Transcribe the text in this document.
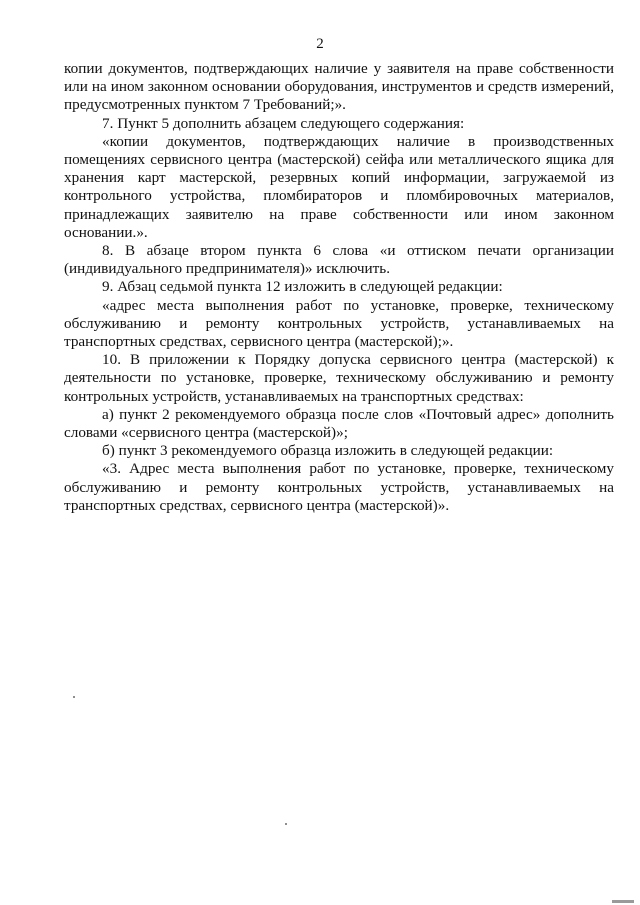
2

копии документов, подтверждающих наличие у заявителя на праве собственности или на ином законном основании оборудования, инструментов и средств измерений, предусмотренных пунктом 7 Требований;».

7. Пункт 5 дополнить абзацем следующего содержания:

«копии документов, подтверждающих наличие в производственных помещениях сервисного центра (мастерской) сейфа или металлического ящика для хранения карт мастерской, резервных копий информации, загружаемой из контрольного устройства, пломбираторов и пломбировочных материалов, принадлежащих заявителю на праве собственности или ином законном основании.».

8. В абзаце втором пункта 6 слова «и оттиском печати организации (индивидуального предпринимателя)» исключить.

9. Абзац седьмой пункта 12 изложить в следующей редакции:

«адрес места выполнения работ по установке, проверке, техническому обслуживанию и ремонту контрольных устройств, устанавливаемых на транспортных средствах, сервисного центра (мастерской);».

10. В приложении к Порядку допуска сервисного центра (мастерской) к деятельности по установке, проверке, техническому обслуживанию и ремонту контрольных устройств, устанавливаемых на транспортных средствах:

а) пункт 2 рекомендуемого образца после слов «Почтовый адрес» дополнить словами «сервисного центра (мастерской)»;

б) пункт 3 рекомендуемого образца изложить в следующей редакции:

«3. Адрес места выполнения работ по установке, проверке, техническому обслуживанию и ремонту контрольных устройств, устанавливаемых на транспортных средствах, сервисного центра (мастерской)».
